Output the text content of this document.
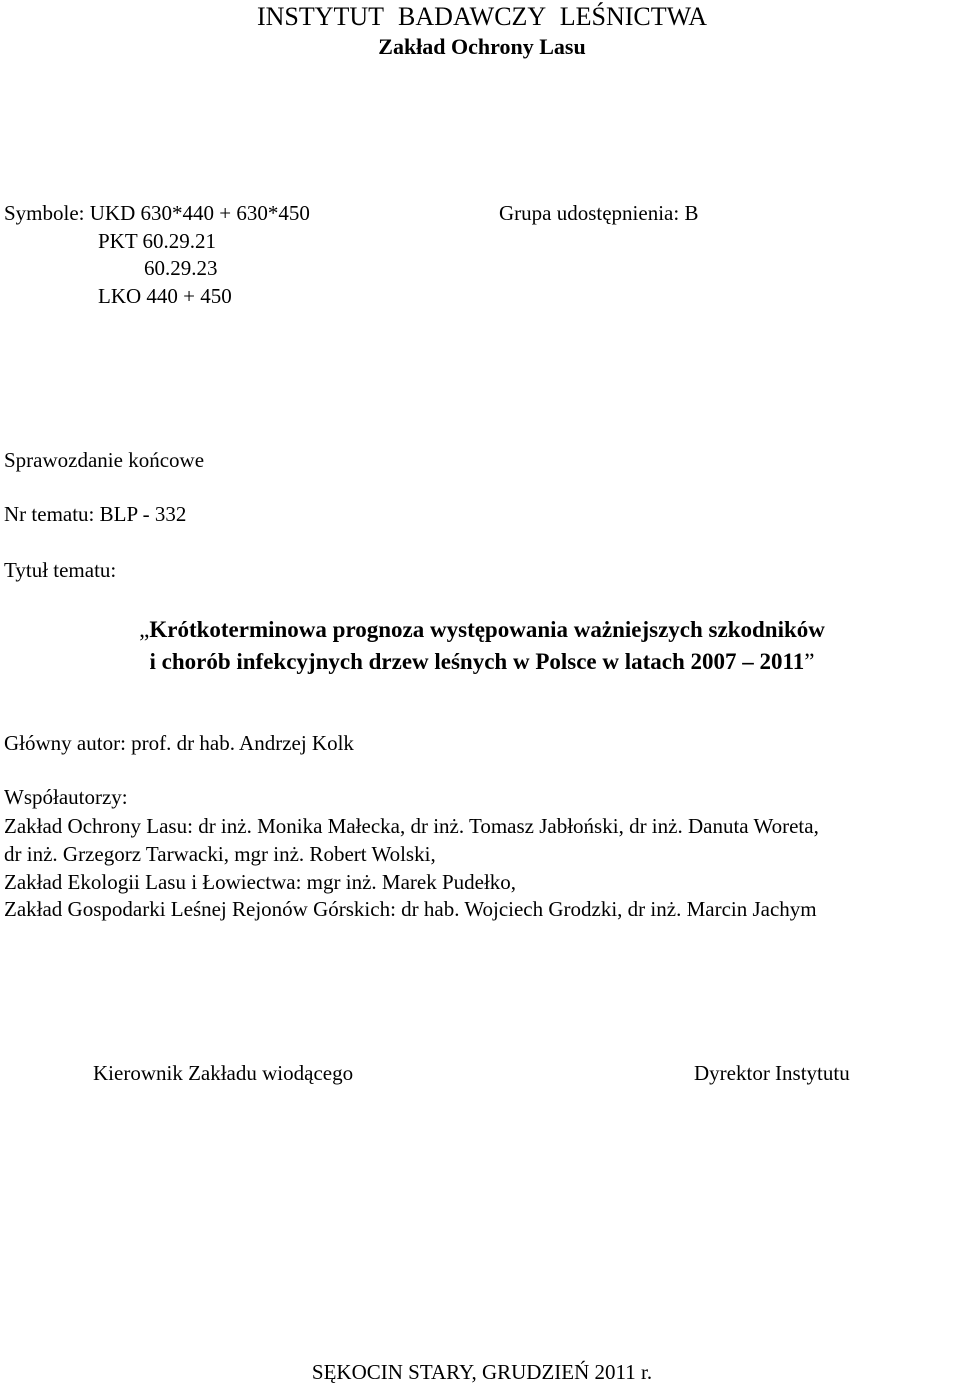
INSTYTUT BADAWCZY LEŚNICTWA
Zakład Ochrony Lasu
Symbole: UKD 630*440 + 630*450
PKT 60.29.21
60.29.23
LKO 440 + 450
Grupa udostępnienia: B
Sprawozdanie końcowe
Nr tematu: BLP - 332
Tytuł tematu:
„Krótkoterminowa prognoza występowania ważniejszych szkodników
i chorób infekcyjnych drzew leśnych w Polsce w latach 2007 – 2011”
Główny autor: prof. dr hab. Andrzej Kolk
Współautorzy:
Zakład Ochrony Lasu: dr inż. Monika Małecka, dr inż. Tomasz Jabłoński, dr inż. Danuta Woreta,
dr inż. Grzegorz Tarwacki, mgr inż. Robert Wolski,
Zakład Ekologii Lasu i Łowiectwa: mgr inż. Marek Pudełko,
Zakład Gospodarki Leśnej Rejonów Górskich: dr hab. Wojciech Grodzki, dr inż. Marcin Jachym
Kierownik Zakładu wiodącego	Dyrektor Instytutu
SĘKOCIN STARY, GRUDZIEŃ 2011 r.
